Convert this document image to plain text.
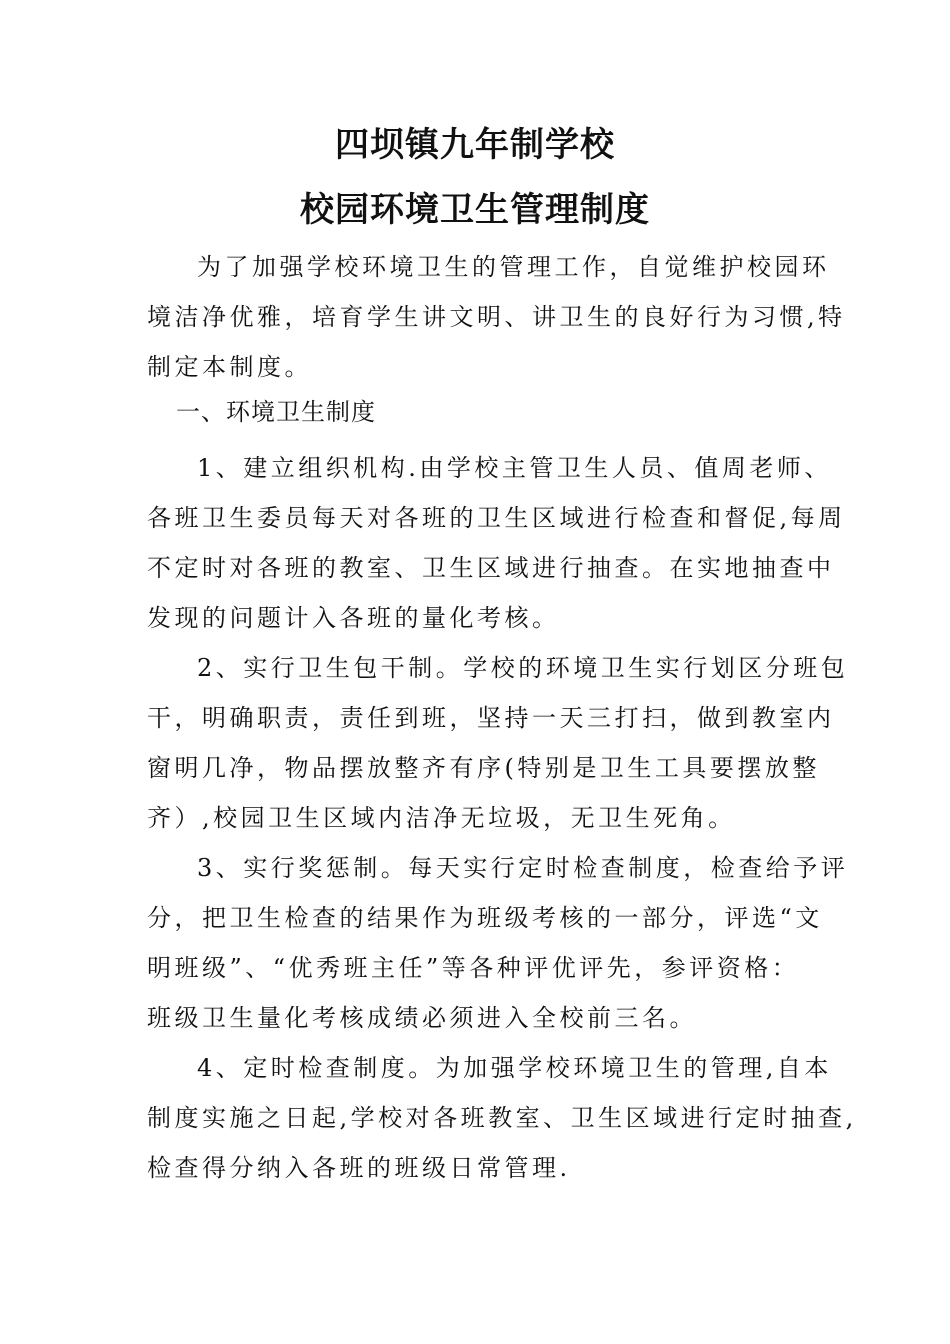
四坝镇九年制学校
校园环境卫生管理制度
为了加强学校环境卫生的管理工作，自觉维护校园环
境洁净优雅，培育学生讲文明、讲卫生的良好行为习惯,特
制定本制度。
一、环境卫生制度
1、建立组织机构.由学校主管卫生人员、值周老师、
各班卫生委员每天对各班的卫生区域进行检查和督促,每周
不定时对各班的教室、卫生区域进行抽查。在实地抽查中
发现的问题计入各班的量化考核。
2、实行卫生包干制。学校的环境卫生实行划区分班包
干，明确职责，责任到班，坚持一天三打扫，做到教室内
窗明几净，物品摆放整齐有序(特别是卫生工具要摆放整
齐）,校园卫生区域内洁净无垃圾，无卫生死角。
3、实行奖惩制。每天实行定时检查制度，检查给予评
分，把卫生检查的结果作为班级考核的一部分，评选“文
明班级”、“优秀班主任”等各种评优评先，参评资格：
班级卫生量化考核成绩必须进入全校前三名。
4、定时检查制度。为加强学校环境卫生的管理,自本
制度实施之日起,学校对各班教室、卫生区域进行定时抽查,
检查得分纳入各班的班级日常管理.
